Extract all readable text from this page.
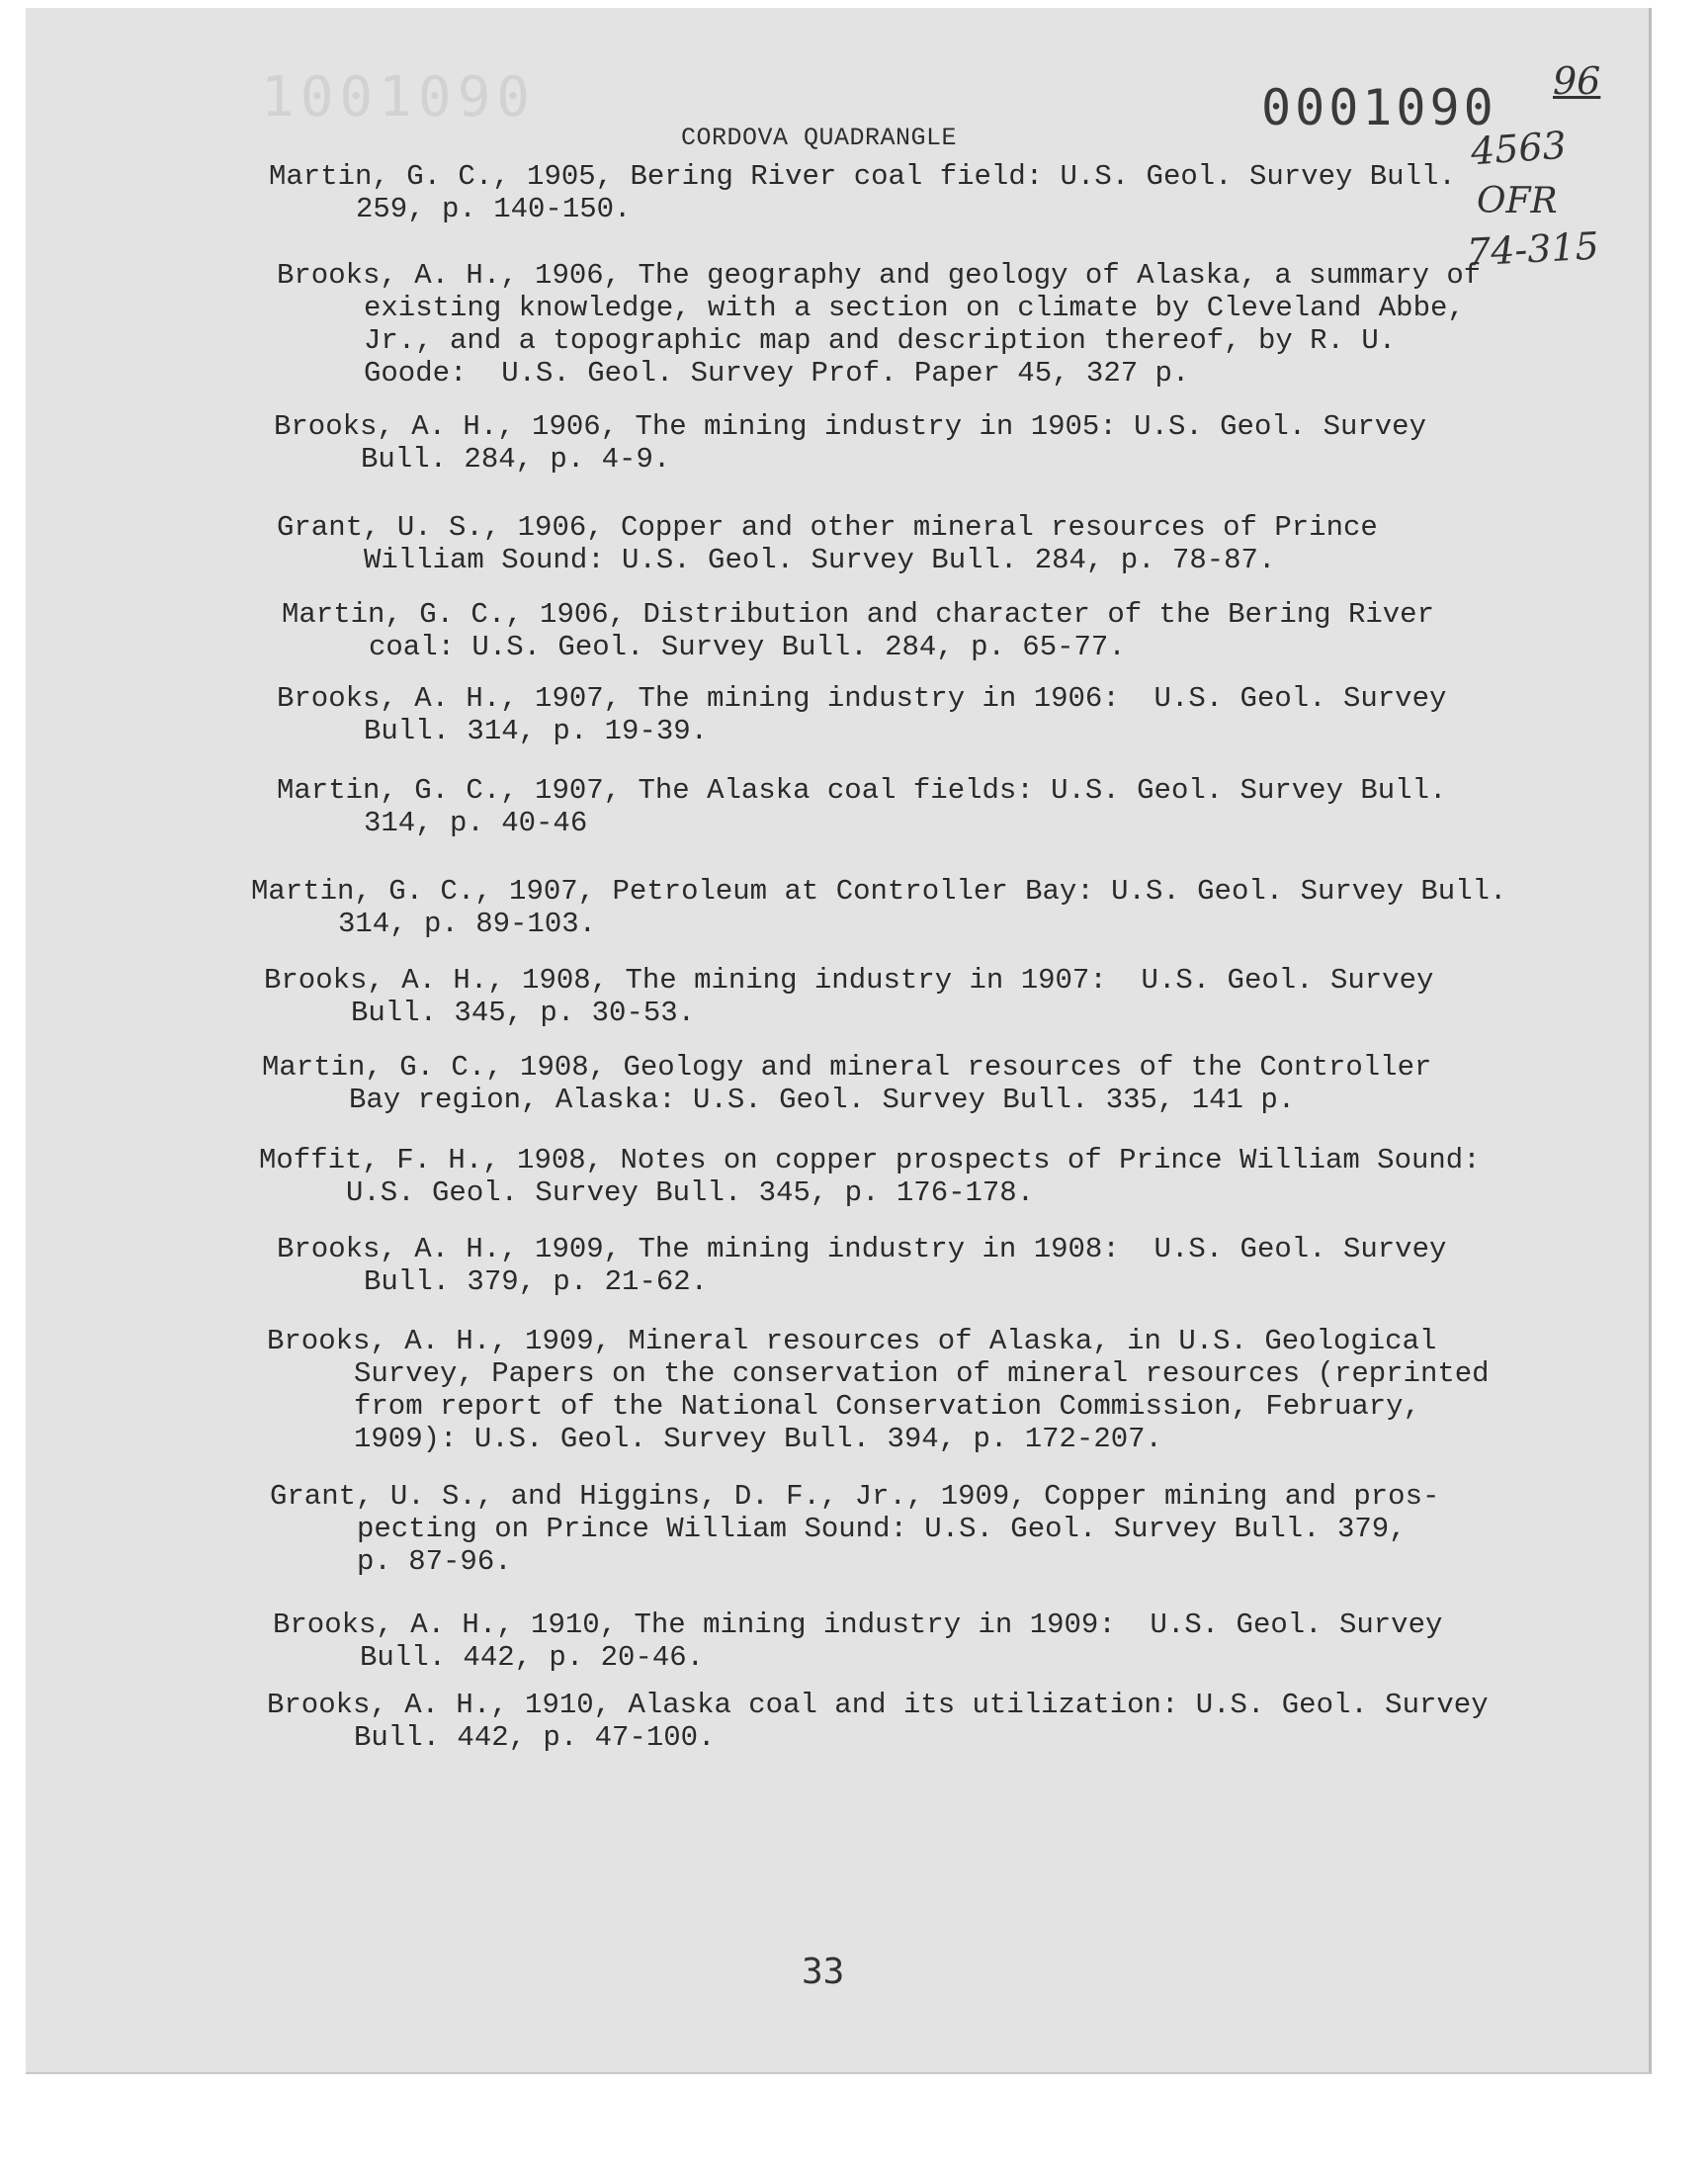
1001090	0001090 96
4563
OFR
74-315
CORDOVA QUADRANGLE
Martin, G. C., 1905, Bering River coal field: U.S. Geol. Survey Bull.
259, p. 140-150.
Brooks, A. H., 1906, The geography and geology of Alaska, a summary of
existing knowledge, with a section on climate by Cleveland Abbe,
Jr., and a topographic map and description thereof, by R. U.
Goode:  U.S. Geol. Survey Prof. Paper 45, 327 p.
Brooks, A. H., 1906, The mining industry in 1905: U.S. Geol. Survey
Bull. 284, p. 4-9.
Grant, U. S., 1906, Copper and other mineral resources of Prince
William Sound: U.S. Geol. Survey Bull. 284, p. 78-87.
Martin, G. C., 1906, Distribution and character of the Bering River
coal: U.S. Geol. Survey Bull. 284, p. 65-77.
Brooks, A. H., 1907, The mining industry in 1906:  U.S. Geol. Survey
Bull. 314, p. 19-39.
Martin, G. C., 1907, The Alaska coal fields: U.S. Geol. Survey Bull.
314, p. 40-46
Martin, G. C., 1907, Petroleum at Controller Bay: U.S. Geol. Survey Bull.
314, p. 89-103.
Brooks, A. H., 1908, The mining industry in 1907:  U.S. Geol. Survey
Bull. 345, p. 30-53.
Martin, G. C., 1908, Geology and mineral resources of the Controller
Bay region, Alaska: U.S. Geol. Survey Bull. 335, 141 p.
Moffit, F. H., 1908, Notes on copper prospects of Prince William Sound:
U.S. Geol. Survey Bull. 345, p. 176-178.
Brooks, A. H., 1909, The mining industry in 1908:  U.S. Geol. Survey
Bull. 379, p. 21-62.
Brooks, A. H., 1909, Mineral resources of Alaska, in U.S. Geological
Survey, Papers on the conservation of mineral resources (reprinted
from report of the National Conservation Commission, February,
1909): U.S. Geol. Survey Bull. 394, p. 172-207.
Grant, U. S., and Higgins, D. F., Jr., 1909, Copper mining and pros-
pecting on Prince William Sound: U.S. Geol. Survey Bull. 379,
p. 87-96.
Brooks, A. H., 1910, The mining industry in 1909:  U.S. Geol. Survey
Bull. 442, p. 20-46.
Brooks, A. H., 1910, Alaska coal and its utilization: U.S. Geol. Survey
Bull. 442, p. 47-100.
33
